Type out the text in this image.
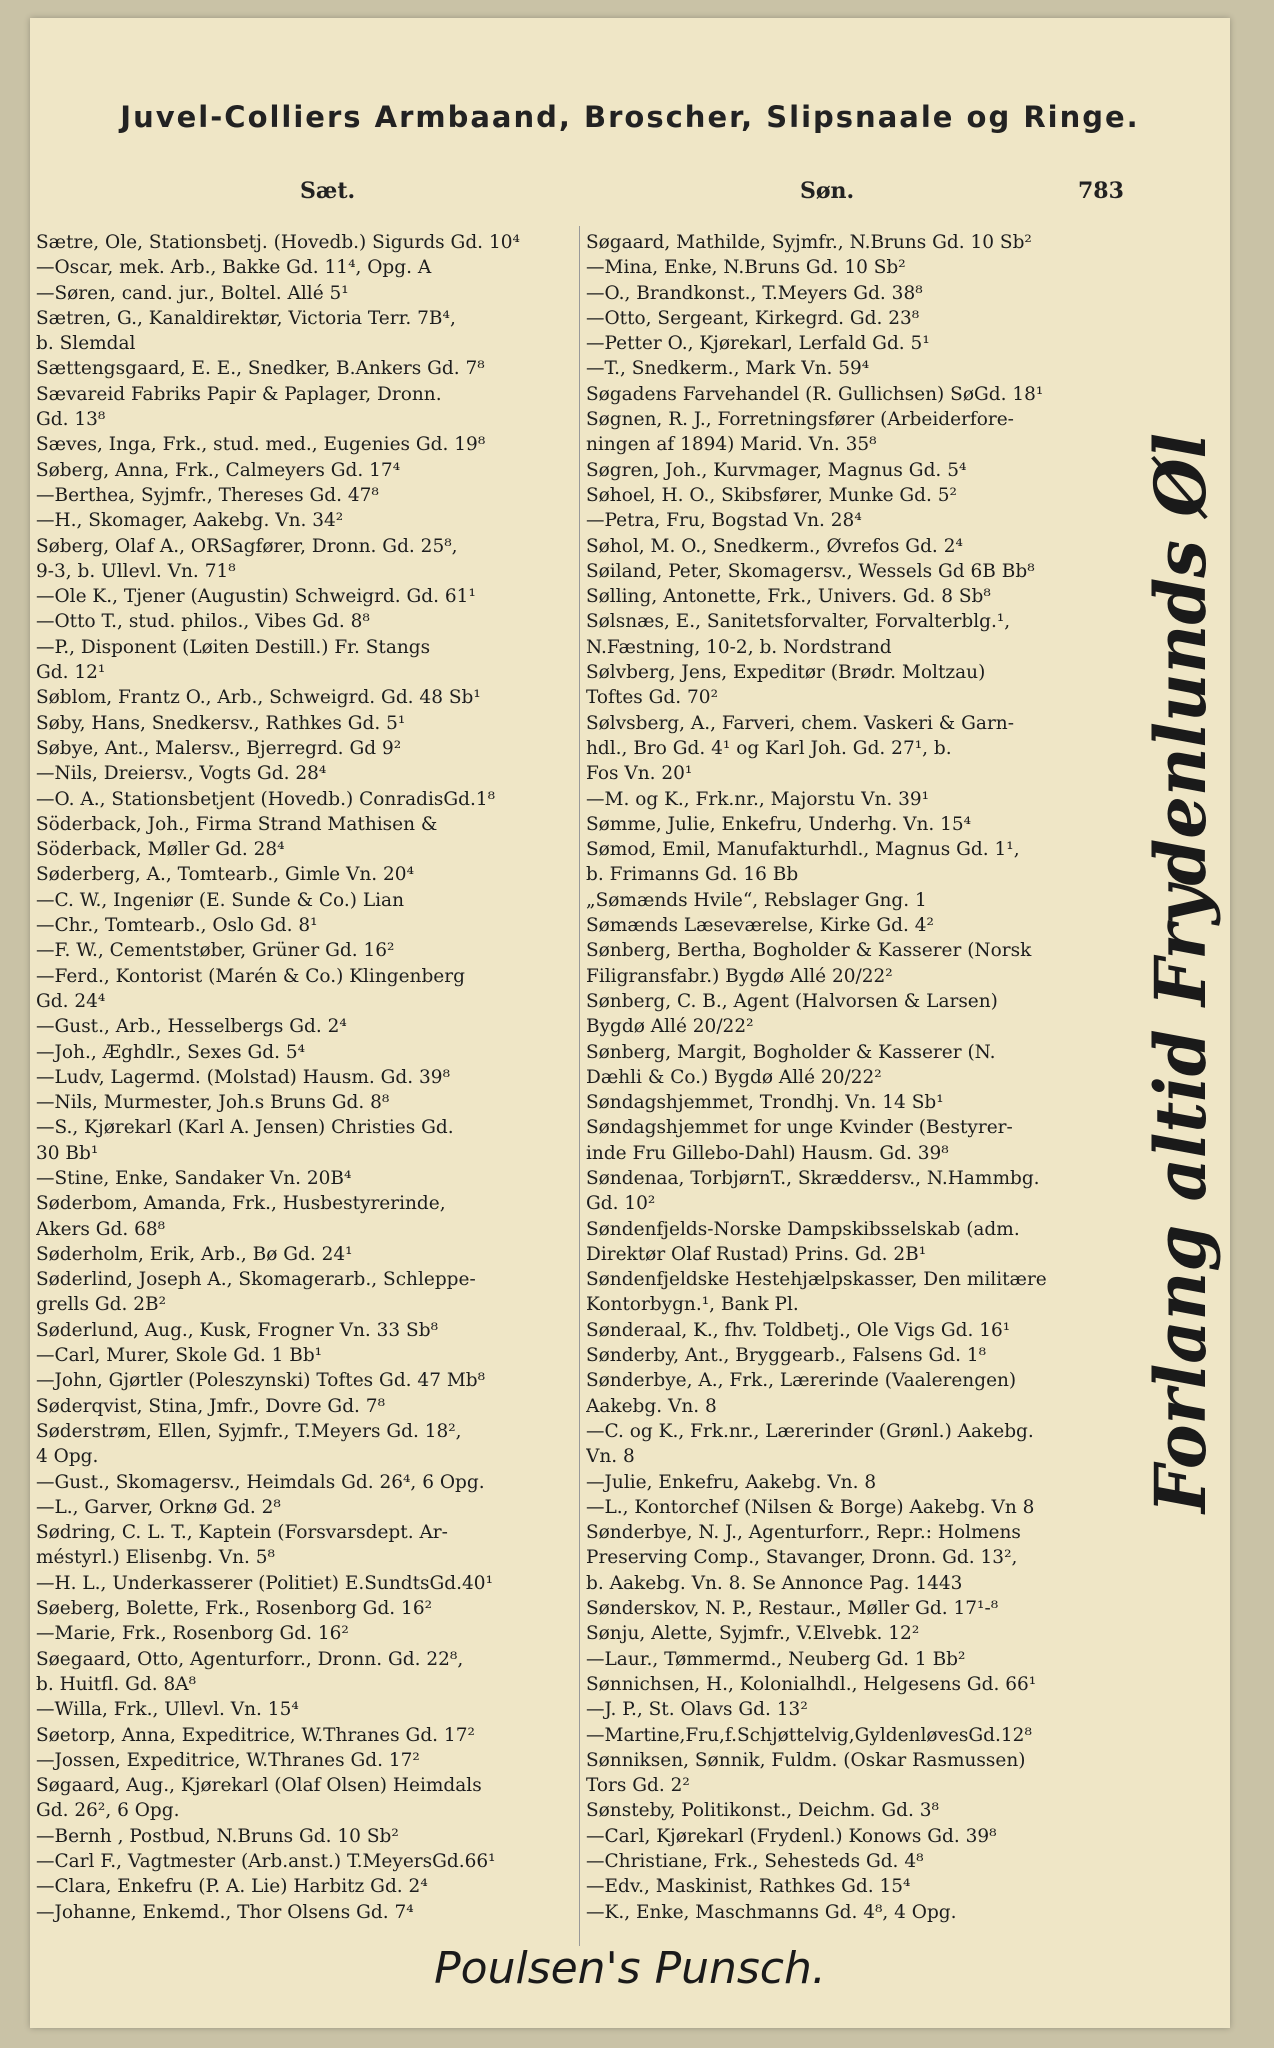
Juvel-Colliers Armbaand, Broscher, Slipsnaale og Ringe.
Sæt.	Søn.	783
Sætre, Ole, Stationsbetj. (Hovedb.) Sigurds Gd. 10⁴
—Oscar, mek. Arb., Bakke Gd. 11⁴, Opg. A
—Søren, cand. jur., Boltel. Allé 5¹
Sætren, G., Kanaldirektør, Victoria Terr. 7B⁴,
b. Slemdal
Sættengsgaard, E. E., Snedker, B.Ankers Gd. 7⁸
Sævareid Fabriks Papir & Paplager, Dronn.
Gd. 13⁸
Sæves, Inga, Frk., stud. med., Eugenies Gd. 19⁸
Søberg, Anna, Frk., Calmeyers Gd. 17⁴
—Berthea, Syjmfr., Thereses Gd. 47⁸
—H., Skomager, Aakebg. Vn. 34²
Søberg, Olaf A., ORSagfører, Dronn. Gd. 25⁸,
9-3, b. Ullevl. Vn. 71⁸
—Ole K., Tjener (Augustin) Schweigrd. Gd. 61¹
—Otto T., stud. philos., Vibes Gd. 8⁸
—P., Disponent (Løiten Destill.) Fr. Stangs
Gd. 12¹
Søblom, Frantz O., Arb., Schweigrd. Gd. 48 Sb¹
Søby, Hans, Snedkersv., Rathkes Gd. 5¹
Søbye, Ant., Malersv., Bjerregrd. Gd 9²
—Nils, Dreiersv., Vogts Gd. 28⁴
—O. A., Stationsbetjent (Hovedb.) ConradisGd.1⁸
Söderback, Joh., Firma Strand Mathisen &
Söderback, Møller Gd. 28⁴
Søderberg, A., Tomtearb., Gimle Vn. 20⁴
—C. W., Ingeniør (E. Sunde & Co.) Lian
—Chr., Tomtearb., Oslo Gd. 8¹
—F. W., Cementstøber, Grüner Gd. 16²
—Ferd., Kontorist (Marén & Co.) Klingenberg
Gd. 24⁴
—Gust., Arb., Hesselbergs Gd. 2⁴
—Joh., Æghdlr., Sexes Gd. 5⁴
—Ludv, Lagermd. (Molstad) Hausm. Gd. 39⁸
—Nils, Murmester, Joh.s Bruns Gd. 8⁸
—S., Kjørekarl (Karl A. Jensen) Christies Gd.
30 Bb¹
—Stine, Enke, Sandaker Vn. 20B⁴
Søderbom, Amanda, Frk., Husbestyrerinde,
Akers Gd. 68⁸
Søderholm, Erik, Arb., Bø Gd. 24¹
Søderlind, Joseph A., Skomagerarb., Schleppe-
grells Gd. 2B²
Søderlund, Aug., Kusk, Frogner Vn. 33 Sb⁸
—Carl, Murer, Skole Gd. 1 Bb¹
—John, Gjørtler (Poleszynski) Toftes Gd. 47 Mb⁸
Søderqvist, Stina, Jmfr., Dovre Gd. 7⁸
Søderstrøm, Ellen, Syjmfr., T.Meyers Gd. 18²,
4 Opg.
—Gust., Skomagersv., Heimdals Gd. 26⁴, 6 Opg.
—L., Garver, Orknø Gd. 2⁸
Sødring, C. L. T., Kaptein (Forsvarsdept. Ar-
méstyrl.) Elisenbg. Vn. 5⁸
—H. L., Underkasserer (Politiet) E.SundtsGd.40¹
Søeberg, Bolette, Frk., Rosenborg Gd. 16²
—Marie, Frk., Rosenborg Gd. 16²
Søegaard, Otto, Agenturforr., Dronn. Gd. 22⁸,
b. Huitfl. Gd. 8A⁸
—Willa, Frk., Ullevl. Vn. 15⁴
Søetorp, Anna, Expeditrice, W.Thranes Gd. 17²
—Jossen, Expeditrice, W.Thranes Gd. 17²
Søgaard, Aug., Kjørekarl (Olaf Olsen) Heimdals
Gd. 26², 6 Opg.
—Bernh , Postbud, N.Bruns Gd. 10 Sb²
—Carl F., Vagtmester (Arb.anst.) T.MeyersGd.66¹
—Clara, Enkefru (P. A. Lie) Harbitz Gd. 2⁴
—Johanne, Enkemd., Thor Olsens Gd. 7⁴
Søgaard, Mathilde, Syjmfr., N.Bruns Gd. 10 Sb²
—Mina, Enke, N.Bruns Gd. 10 Sb²
—O., Brandkonst., T.Meyers Gd. 38⁸
—Otto, Sergeant, Kirkegrd. Gd. 23⁸
—Petter O., Kjørekarl, Lerfald Gd. 5¹
—T., Snedkerm., Mark Vn. 59⁴
Søgadens Farvehandel (R. Gullichsen) SøGd. 18¹
Søgnen, R. J., Forretningsfører (Arbeiderfore-
ningen af 1894) Marid. Vn. 35⁸
Søgren, Joh., Kurvmager, Magnus Gd. 5⁴
Søhoel, H. O., Skibsfører, Munke Gd. 5²
—Petra, Fru, Bogstad Vn. 28⁴
Søhol, M. O., Snedkerm., Øvrefos Gd. 2⁴
Søiland, Peter, Skomagersv., Wessels Gd 6B Bb⁸
Sølling, Antonette, Frk., Univers. Gd. 8 Sb⁸
Sølsnæs, E., Sanitetsforvalter, Forvalterblg.¹,
N.Fæstning, 10-2, b. Nordstrand
Sølvberg, Jens, Expeditør (Brødr. Moltzau)
Toftes Gd. 70²
Sølvsberg, A., Farveri, chem. Vaskeri & Garn-
hdl., Bro Gd. 4¹ og Karl Joh. Gd. 27¹, b.
Fos Vn. 20¹
—M. og K., Frk.nr., Majorstu Vn. 39¹
Sømme, Julie, Enkefru, Underhg. Vn. 15⁴
Sømod, Emil, Manufakturhdl., Magnus Gd. 1¹,
b. Frimanns Gd. 16 Bb
„Sømænds Hvile“, Rebslager Gng. 1
Sømænds Læseværelse, Kirke Gd. 4²
Sønberg, Bertha, Bogholder & Kasserer (Norsk
Filigransfabr.) Bygdø Allé 20/22²
Sønberg, C. B., Agent (Halvorsen & Larsen)
Bygdø Allé 20/22²
Sønberg, Margit, Bogholder & Kasserer (N.
Dæhli & Co.) Bygdø Allé 20/22²
Søndagshjemmet, Trondhj. Vn. 14 Sb¹
Søndagshjemmet for unge Kvinder (Bestyrer-
inde Fru Gillebo-Dahl) Hausm. Gd. 39⁸
Søndenaa, TorbjørnT., Skræddersv., N.Hammbg.
Gd. 10²
Søndenfjelds-Norske Dampskibsselskab (adm.
Direktør Olaf Rustad) Prins. Gd. 2B¹
Søndenfjeldske Hestehjælpskasser, Den militære
Kontorbygn.¹, Bank Pl.
Sønderaal, K., fhv. Toldbetj., Ole Vigs Gd. 16¹
Sønderby, Ant., Bryggearb., Falsens Gd. 1⁸
Sønderbye, A., Frk., Lærerinde (Vaalerengen)
Aakebg. Vn. 8
—C. og K., Frk.nr., Lærerinder (Grønl.) Aakebg.
Vn. 8
—Julie, Enkefru, Aakebg. Vn. 8
—L., Kontorchef (Nilsen & Borge) Aakebg. Vn 8
Sønderbye, N. J., Agenturforr., Repr.: Holmens
Preserving Comp., Stavanger, Dronn. Gd. 13²,
b. Aakebg. Vn. 8. Se Annonce Pag. 1443
Sønderskov, N. P., Restaur., Møller Gd. 17¹-⁸
Sønju, Alette, Syjmfr., V.Elvebk. 12²
—Laur., Tømmermd., Neuberg Gd. 1 Bb²
Sønnichsen, H., Kolonialhdl., Helgesens Gd. 66¹
—J. P., St. Olavs Gd. 13²
—Martine,Fru,f.Schjøttelvig,GyldenløvesGd.12⁸
Sønniksen, Sønnik, Fuldm. (Oskar Rasmussen)
Tors Gd. 2²
Sønsteby, Politikonst., Deichm. Gd. 3⁸
—Carl, Kjørekarl (Frydenl.) Konows Gd. 39⁸
—Christiane, Frk., Sehesteds Gd. 4⁸
—Edv., Maskinist, Rathkes Gd. 15⁴
—K., Enke, Maschmanns Gd. 4⁸, 4 Opg.
Forlang altid Frydenlunds Øl
Poulsen's Punsch.
